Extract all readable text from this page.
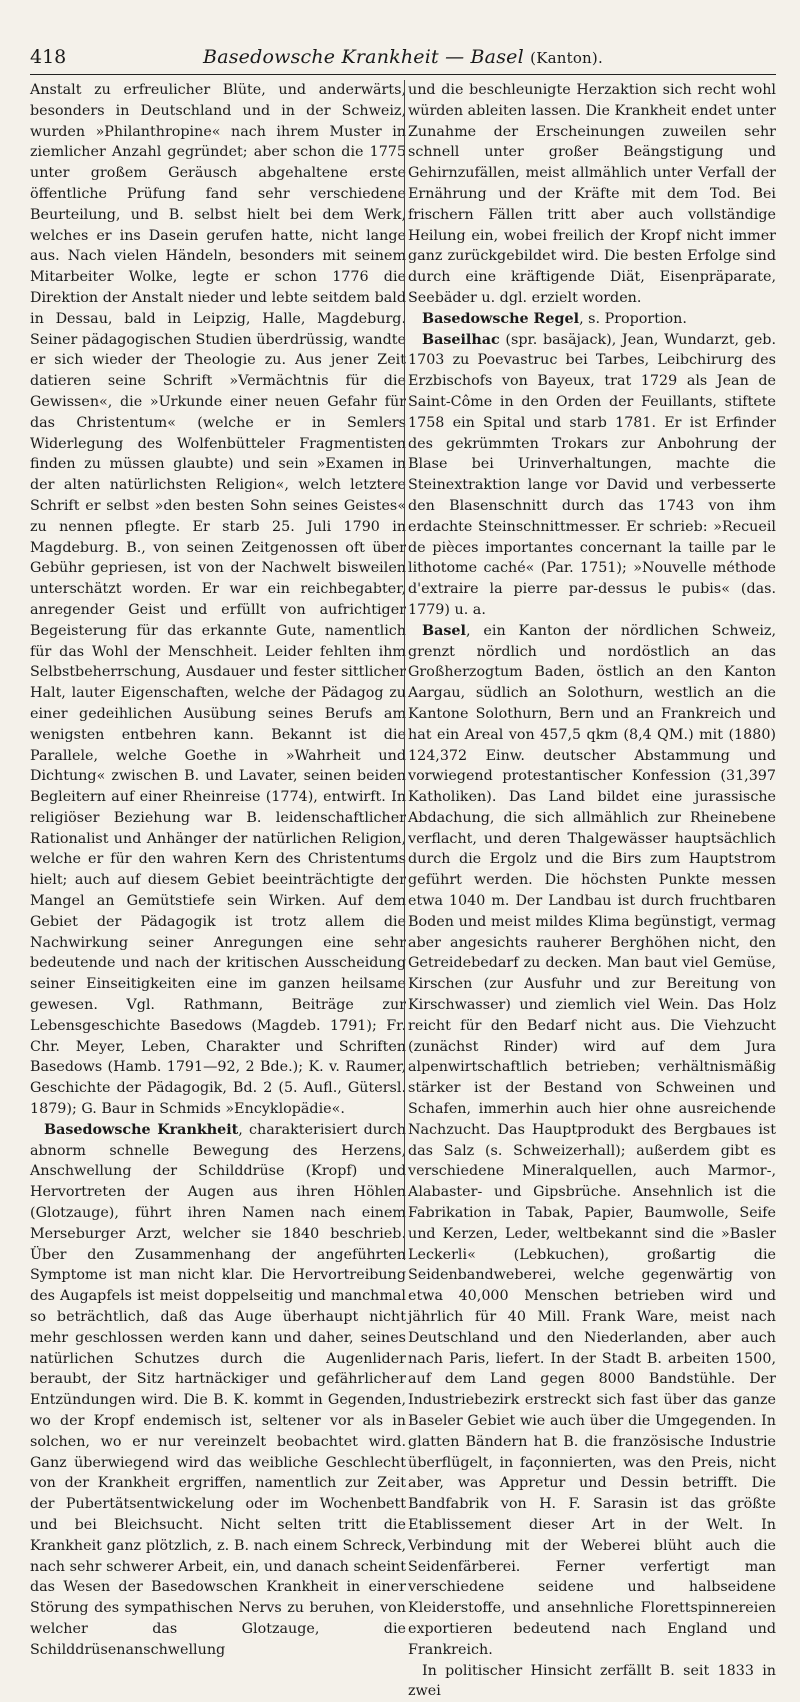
418	Basedowsche Krankheit — Basel (Kanton).

Anstalt zu erfreulicher Blüte, und anderwärts, besonders in Deutschland und in der Schweiz, wurden »Philanthropine« nach ihrem Muster in ziemlicher Anzahl gegründet; aber schon die 1775 unter großem Geräusch abgehaltene erste öffentliche Prüfung fand sehr verschiedene Beurteilung, und B. selbst hielt bei dem Werk, welches er ins Dasein gerufen hatte, nicht lange aus. Nach vielen Händeln, besonders mit seinem Mitarbeiter Wolke, legte er schon 1776 die Direktion der Anstalt nieder und lebte seitdem bald in Dessau, bald in Leipzig, Halle, Magdeburg. Seiner pädagogischen Studien überdrüssig, wandte er sich wieder der Theologie zu. Aus jener Zeit datieren seine Schrift »Vermächtnis für die Gewissen«, die »Urkunde einer neuen Gefahr für das Christentum« (welche er in Semlers Widerlegung des Wolfenbütteler Fragmentisten finden zu müssen glaubte) und sein »Examen in der alten natürlichsten Religion«, welch letztere Schrift er selbst »den besten Sohn seines Geistes« zu nennen pflegte. Er starb 25. Juli 1790 in Magdeburg. B., von seinen Zeitgenossen oft über Gebühr gepriesen, ist von der Nachwelt bisweilen unterschätzt worden. Er war ein reichbegabter, anregender Geist und erfüllt von aufrichtiger Begeisterung für das erkannte Gute, namentlich für das Wohl der Menschheit. Leider fehlten ihm Selbstbeherrschung, Ausdauer und fester sittlicher Halt, lauter Eigenschaften, welche der Pädagog zu einer gedeihlichen Ausübung seines Berufs am wenigsten entbehren kann. Bekannt ist die Parallele, welche Goethe in »Wahrheit und Dichtung« zwischen B. und Lavater, seinen beiden Begleitern auf einer Rheinreise (1774), entwirft. In religiöser Beziehung war B. leidenschaftlicher Rationalist und Anhänger der natürlichen Religion, welche er für den wahren Kern des Christentums hielt; auch auf diesem Gebiet beeinträchtigte der Mangel an Gemütstiefe sein Wirken. Auf dem Gebiet der Pädagogik ist trotz allem die Nachwirkung seiner Anregungen eine sehr bedeutende und nach der kritischen Ausscheidung seiner Einseitigkeiten eine im ganzen heilsame gewesen. Vgl. Rathmann, Beiträge zur Lebensgeschichte Basedows (Magdeb. 1791); Fr. Chr. Meyer, Leben, Charakter und Schriften Basedows (Hamb. 1791—92, 2 Bde.); K. v. Raumer, Geschichte der Pädagogik, Bd. 2 (5. Aufl., Gütersl. 1879); G. Baur in Schmids »Encyklopädie«.

Basedowsche Krankheit, charakterisiert durch abnorm schnelle Bewegung des Herzens, Anschwellung der Schilddrüse (Kropf) und Hervortreten der Augen aus ihren Höhlen (Glotzauge), führt ihren Namen nach einem Merseburger Arzt, welcher sie 1840 beschrieb. Über den Zusammenhang der angeführten Symptome ist man nicht klar. Die Hervortreibung des Augapfels ist meist doppelseitig und manchmal so beträchtlich, daß das Auge überhaupt nicht mehr geschlossen werden kann und daher, seines natürlichen Schutzes durch die Augenlider beraubt, der Sitz hartnäckiger und gefährlicher Entzündungen wird. Die B. K. kommt in Gegenden, wo der Kropf endemisch ist, seltener vor als in solchen, wo er nur vereinzelt beobachtet wird. Ganz überwiegend wird das weibliche Geschlecht von der Krankheit ergriffen, namentlich zur Zeit der Pubertätsentwickelung oder im Wochenbett und bei Bleichsucht. Nicht selten tritt die Krankheit ganz plötzlich, z. B. nach einem Schreck, nach sehr schwerer Arbeit, ein, und danach scheint das Wesen der Basedowschen Krankheit in einer Störung des sympathischen Nervs zu beruhen, von welcher das Glotzauge, die Schilddrüsenanschwellung

und die beschleunigte Herzaktion sich recht wohl würden ableiten lassen. Die Krankheit endet unter Zunahme der Erscheinungen zuweilen sehr schnell unter großer Beängstigung und Gehirnzufällen, meist allmählich unter Verfall der Ernährung und der Kräfte mit dem Tod. Bei frischern Fällen tritt aber auch vollständige Heilung ein, wobei freilich der Kropf nicht immer ganz zurückgebildet wird. Die besten Erfolge sind durch eine kräftigende Diät, Eisenpräparate, Seebäder u. dgl. erzielt worden.

Basedowsche Regel, s. Proportion.

Baseilhac (spr. basäjack), Jean, Wundarzt, geb. 1703 zu Poevastruc bei Tarbes, Leibchirurg des Erzbischofs von Bayeux, trat 1729 als Jean de Saint-Côme in den Orden der Feuillants, stiftete 1758 ein Spital und starb 1781. Er ist Erfinder des gekrümmten Trokars zur Anbohrung der Blase bei Urinverhaltungen, machte die Steinextraktion lange vor David und verbesserte den Blasenschnitt durch das 1743 von ihm erdachte Steinschnittmesser. Er schrieb: »Recueil de pièces importantes concernant la taille par le lithotome caché« (Par. 1751); »Nouvelle méthode d'extraire la pierre par-dessus le pubis« (das. 1779) u. a.

Basel, ein Kanton der nördlichen Schweiz, grenzt nördlich und nordöstlich an das Großherzogtum Baden, östlich an den Kanton Aargau, südlich an Solothurn, westlich an die Kantone Solothurn, Bern und an Frankreich und hat ein Areal von 457,5 qkm (8,4 QM.) mit (1880) 124,372 Einw. deutscher Abstammung und vorwiegend protestantischer Konfession (31,397 Katholiken). Das Land bildet eine jurassische Abdachung, die sich allmählich zur Rheinebene verflacht, und deren Thalgewässer hauptsächlich durch die Ergolz und die Birs zum Hauptstrom geführt werden. Die höchsten Punkte messen etwa 1040 m. Der Landbau ist durch fruchtbaren Boden und meist mildes Klima begünstigt, vermag aber angesichts rauherer Berghöhen nicht, den Getreidebedarf zu decken. Man baut viel Gemüse, Kirschen (zur Ausfuhr und zur Bereitung von Kirschwasser) und ziemlich viel Wein. Das Holz reicht für den Bedarf nicht aus. Die Viehzucht (zunächst Rinder) wird auf dem Jura alpenwirtschaftlich betrieben; verhältnismäßig stärker ist der Bestand von Schweinen und Schafen, immerhin auch hier ohne ausreichende Nachzucht. Das Hauptprodukt des Bergbaues ist das Salz (s. Schweizerhall); außerdem gibt es verschiedene Mineralquellen, auch Marmor-, Alabaster- und Gipsbrüche. Ansehnlich ist die Fabrikation in Tabak, Papier, Baumwolle, Seife und Kerzen, Leder, weltbekannt sind die »Basler Leckerli« (Lebkuchen), großartig die Seidenbandweberei, welche gegenwärtig von etwa 40,000 Menschen betrieben wird und jährlich für 40 Mill. Frank Ware, meist nach Deutschland und den Niederlanden, aber auch nach Paris, liefert. In der Stadt B. arbeiten 1500, auf dem Land gegen 8000 Bandstühle. Der Industriebezirk erstreckt sich fast über das ganze Baseler Gebiet wie auch über die Umgegenden. In glatten Bändern hat B. die französische Industrie überflügelt, in façonnierten, was den Preis, nicht aber, was Appretur und Dessin betrifft. Die Bandfabrik von H. F. Sarasin ist das größte Etablissement dieser Art in der Welt. In Verbindung mit der Weberei blüht auch die Seidenfärberei. Ferner verfertigt man verschiedene seidene und halbseidene Kleiderstoffe, und ansehnliche Florettspinnereien exportieren bedeutend nach England und Frankreich.

In politischer Hinsicht zerfällt B. seit 1833 in zwei
